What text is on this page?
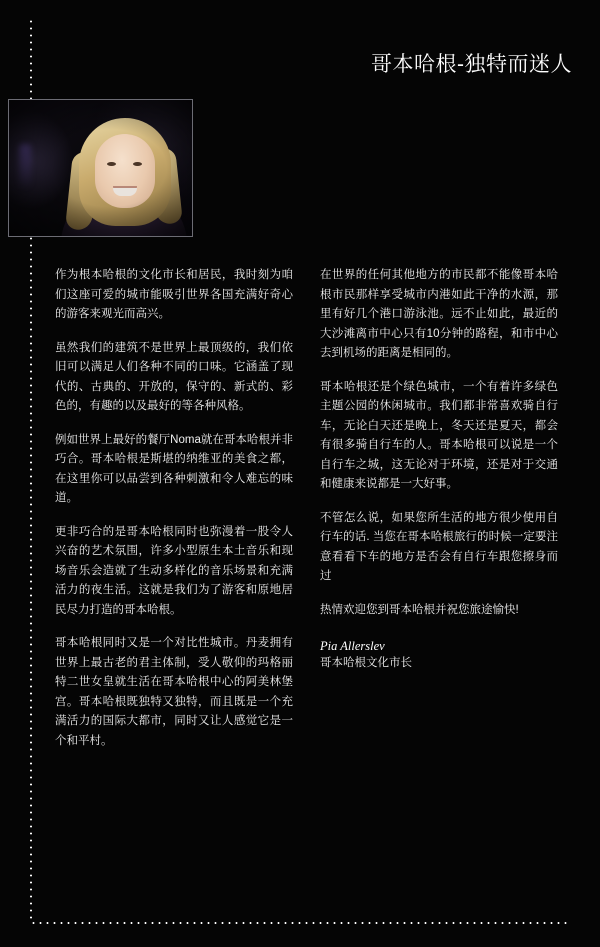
哥本哈根-独特而迷人

作为根本哈根的文化市长和居民，我时刻为咱们这座可爱的城市能吸引世界各国充满好奇心的游客来观光而高兴。

虽然我们的建筑不是世界上最顶级的，我们依旧可以满足人们各种不同的口味。它涵盖了现代的、古典的、开放的，保守的、新式的、彩色的，有趣的以及最好的等各种风格。

例如世界上最好的餐厅Noma就在哥本哈根并非巧合。哥本哈根是斯堪的纳维亚的美食之都，在这里你可以品尝到各种刺激和令人难忘的味道。

更非巧合的是哥本哈根同时也弥漫着一股令人兴奋的艺术氛围，许多小型原生本土音乐和现场音乐会造就了生动多样化的音乐场景和充满活力的夜生活。这就是我们为了游客和原地居民尽力打造的哥本哈根。

哥本哈根同时又是一个对比性城市。丹麦拥有世界上最古老的君主体制，受人敬仰的玛格丽特二世女皇就生活在哥本哈根中心的阿美林堡宫。哥本哈根既独特又独特，而且既是一个充满活力的国际大都市，同时又让人感觉它是一个和平村。

在世界的任何其他地方的市民都不能像哥本哈根市民那样享受城市内港如此干净的水源，那里有好几个港口游泳池。远不止如此，最近的大沙滩离市中心只有10分钟的路程，和市中心去到机场的距离是相同的。

哥本哈根还是个绿色城市，一个有着许多绿色主题公园的休闲城市。我们都非常喜欢骑自行车，无论白天还是晚上，冬天还是夏天，都会有很多骑自行车的人。哥本哈根可以说是一个自行车之城，这无论对于环境，还是对于交通和健康来说都是一大好事。

不管怎么说，如果您所生活的地方很少使用自行车的话. 当您在哥本哈根旅行的时候一定要注意看看下车的地方是否会有自行车跟您擦身而过

热情欢迎您到哥本哈根并祝您旅途愉快!

Pia Allerslev
哥本哈根文化市长
